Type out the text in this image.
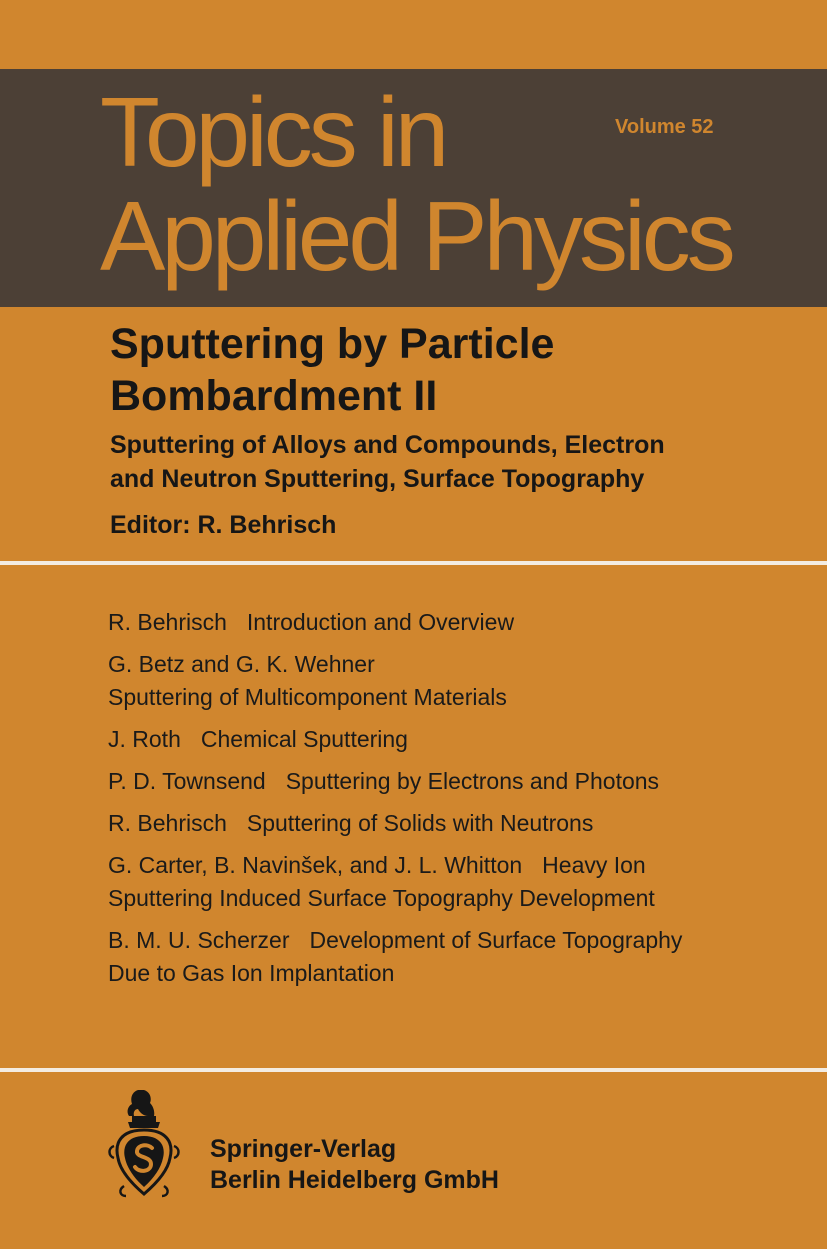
Topics in
Applied Physics
Volume 52
Sputtering by Particle
Bombardment II
Sputtering of Alloys and Compounds, Electron
and Neutron Sputtering, Surface Topography
Editor: R. Behrisch
R. Behrisch Introduction and Overview
G. Betz and G. K. Wehner
Sputtering of Multicomponent Materials
J. Roth Chemical Sputtering
P. D. Townsend Sputtering by Electrons and Photons
R. Behrisch Sputtering of Solids with Neutrons
G. Carter, B. Navinšek, and J. L. Whitton Heavy Ion
Sputtering Induced Surface Topography Development
B. M. U. Scherzer Development of Surface Topography
Due to Gas Ion Implantation
Springer-Verlag
Berlin Heidelberg GmbH
